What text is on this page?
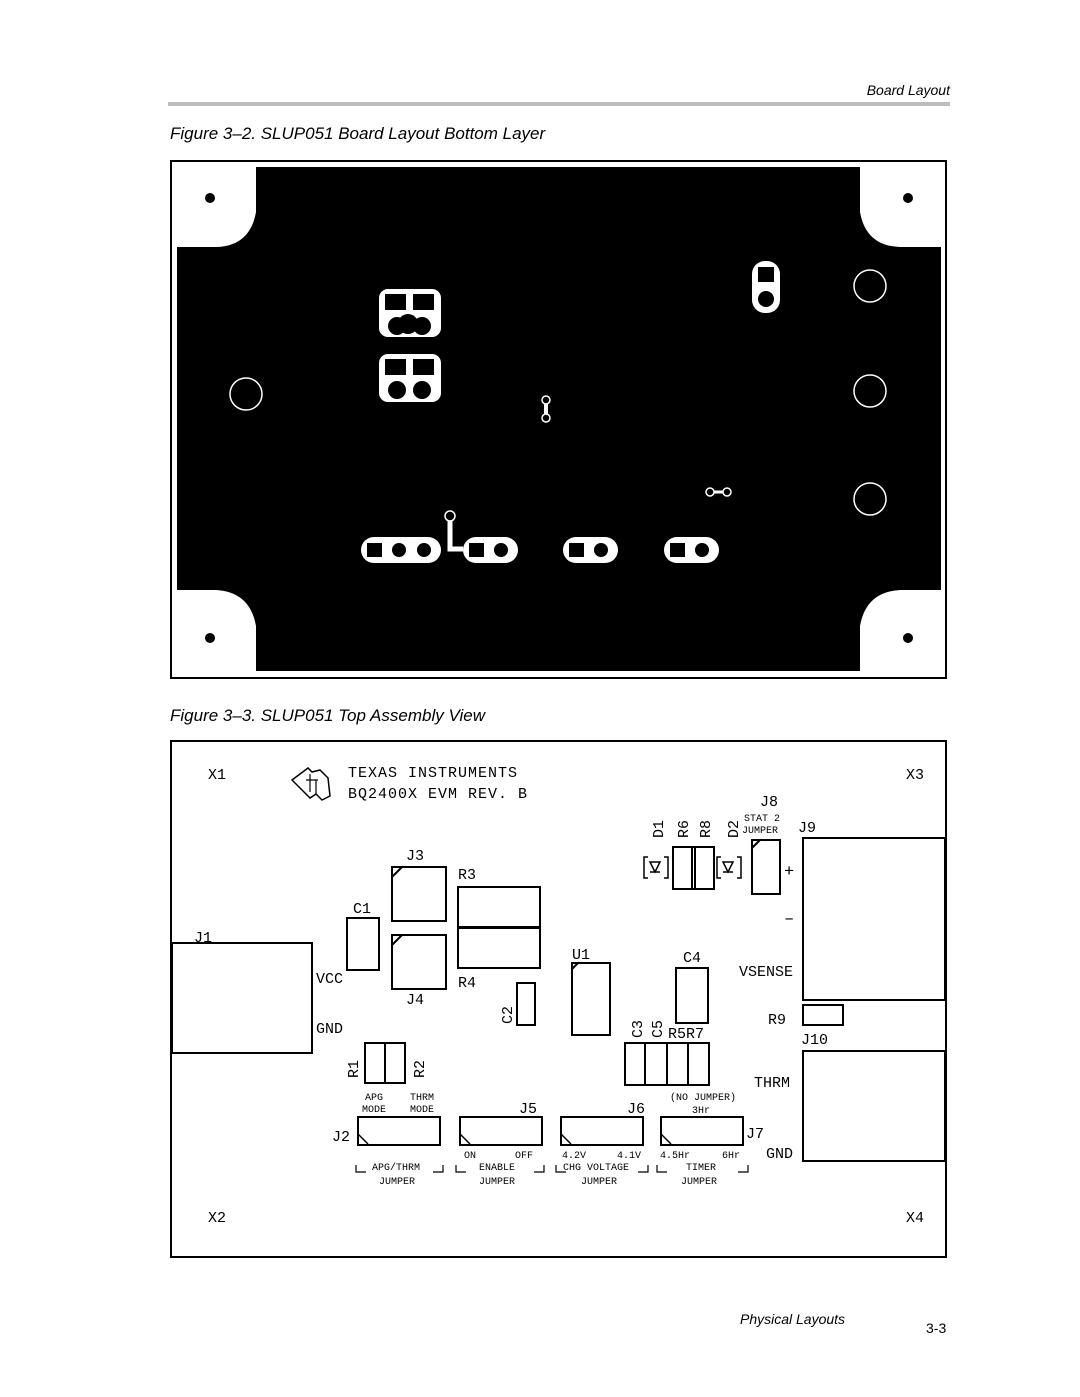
Board Layout
Figure 3–2. SLUP051 Board Layout Bottom Layer
Figure 3–3. SLUP051 Top Assembly View
X1	X3
X2	X4
TEXAS INSTRUMENTS
BQ2400X EVM REV. B
J1
J3
R3
C1
VCC	R4
J4
GND
C2
R1	R2
U1	C4
C3 C5 R5R7
D1 R6 R8 D2
J8
STAT 2
JUMPER J9
+
–
VSENSE
R9
J10
THRM
GND
APG
MODE
THRM
MODE
J2
J5	J6
(NO JUMPER)
3Hr
J7
ON	OFF	4.2V	4.1V 4.5Hr	6Hr
APG/THRM	ENABLE	CHG VOLTAGE	TIMER
JUMPER	JUMPER	JUMPER	JUMPER
Physical Layouts
3-3
